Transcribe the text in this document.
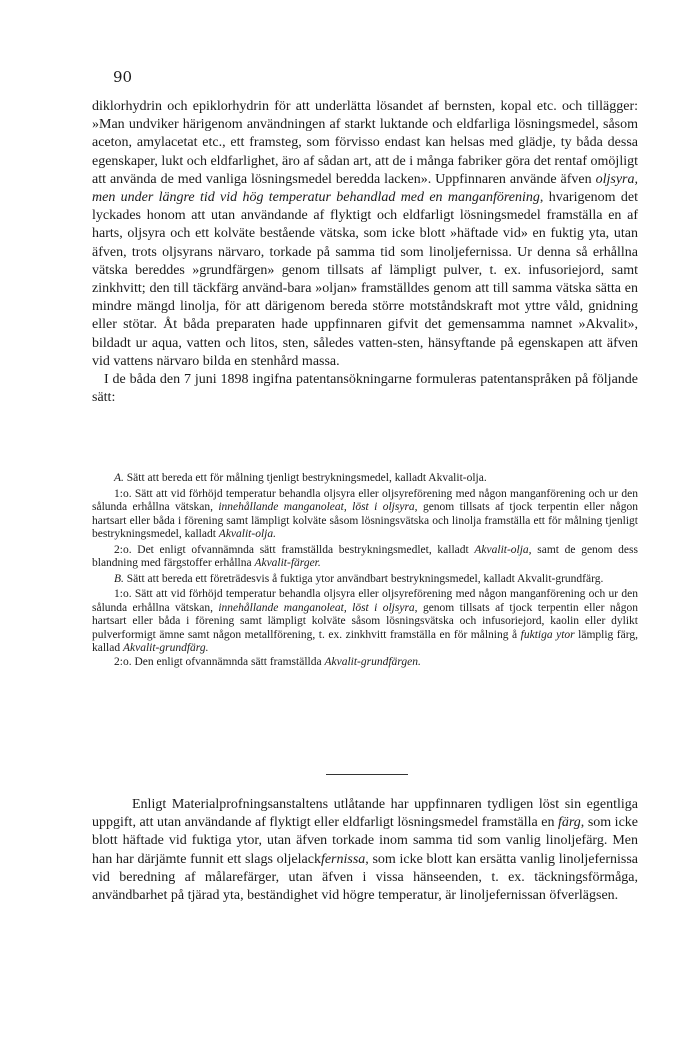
90

diklorhydrin och epiklorhydrin för att underlätta lösandet af bernsten, kopal etc. och tillägger: »Man undviker härigenom användningen af starkt luktande och eldfarliga lösningsmedel, såsom aceton, amylacetat etc., ett framsteg, som förvisso endast kan helsas med glädje, ty båda dessa egenskaper, lukt och eldfarlighet, äro af sådan art, att de i många fabriker göra det rentaf omöjligt att använda de med vanliga lösningsmedel beredda lacken». Uppfinnaren använde äfven oljsyra, men under längre tid vid hög temperatur behandlad med en manganförening, hvarigenom det lyckades honom att utan användande af flyktigt och eldfarligt lösningsmedel framställa en af harts, oljsyra och ett kolväte bestående vätska, som icke blott »häftade vid» en fuktig yta, utan äfven, trots oljsyrans närvaro, torkade på samma tid som linoljefernissa. Ur denna så erhållna vätska bereddes »grundfärgen» genom tillsats af lämpligt pulver, t. ex. infusoriejord, samt zinkhvitt; den till täckfärg använd-bara »oljan» framställdes genom att till samma vätska sätta en mindre mängd linolja, för att därigenom bereda större motståndskraft mot yttre våld, gnidning eller stötar. Åt båda preparaten hade uppfinnaren gifvit det gemensamma namnet »Akvalit», bildadt ur aqua, vatten och litos, sten, således vatten-sten, hänsyftande på egenskapen att äfven vid vattens närvaro bilda en stenhård massa.

I de båda den 7 juni 1898 ingifna patentansökningarne formuleras patentanspråken på följande sätt:

A. Sätt att bereda ett för målning tjenligt bestrykningsmedel, kalladt Akvalit-olja.

1:o. Sätt att vid förhöjd temperatur behandla oljsyra eller oljsyreförening med någon manganförening och ur den sålunda erhållna vätskan, innehållande manganoleat, löst i oljsyra, genom tillsats af tjock terpentin eller någon hartsart eller båda i förening samt lämpligt kolväte såsom lösningsvätska och linolja framställa ett för målning tjenligt bestrykningsmedel, kalladt Akvalit-olja.

2:o. Det enligt ofvannämnda sätt framställda bestrykningsmedlet, kalladt Akvalit-olja, samt de genom dess blandning med färgstoffer erhållna Akvalit-färger.

B. Sätt att bereda ett företrädesvis å fuktiga ytor användbart bestrykningsmedel, kalladt Akvalit-grundfärg.

1:o. Sätt att vid förhöjd temperatur behandla oljsyra eller oljsyreförening med någon manganförening och ur den sålunda erhållna vätskan, innehållande manganoleat, löst i oljsyra, genom tillsats af tjock terpentin eller någon hartsart eller båda i förening samt lämpligt kolväte såsom lösningsvätska och infusoriejord, kaolin eller dylikt pulverformigt ämne samt någon metallförening, t. ex. zinkhvitt framställa en för målning å fuktiga ytor lämplig färg, kallad Akvalit-grundfärg.

2:o. Den enligt ofvannämnda sätt framställda Akvalit-grundfärgen.

Enligt Materialprofningsanstaltens utlåtande har uppfinnaren tydligen löst sin egentliga uppgift, att utan användande af flyktigt eller eldfarligt lösningsmedel framställa en färg, som icke blott häftade vid fuktiga ytor, utan äfven torkade inom samma tid som vanlig linoljefärg. Men han har därjämte funnit ett slags oljelackfernissa, som icke blott kan ersätta vanlig linoljefernissa vid beredning af målarefärger, utan äfven i vissa hänseenden, t. ex. täckningsförmåga, användbarhet på tjärad yta, beständighet vid högre temperatur, är linoljefernissan öfverlägsen.
